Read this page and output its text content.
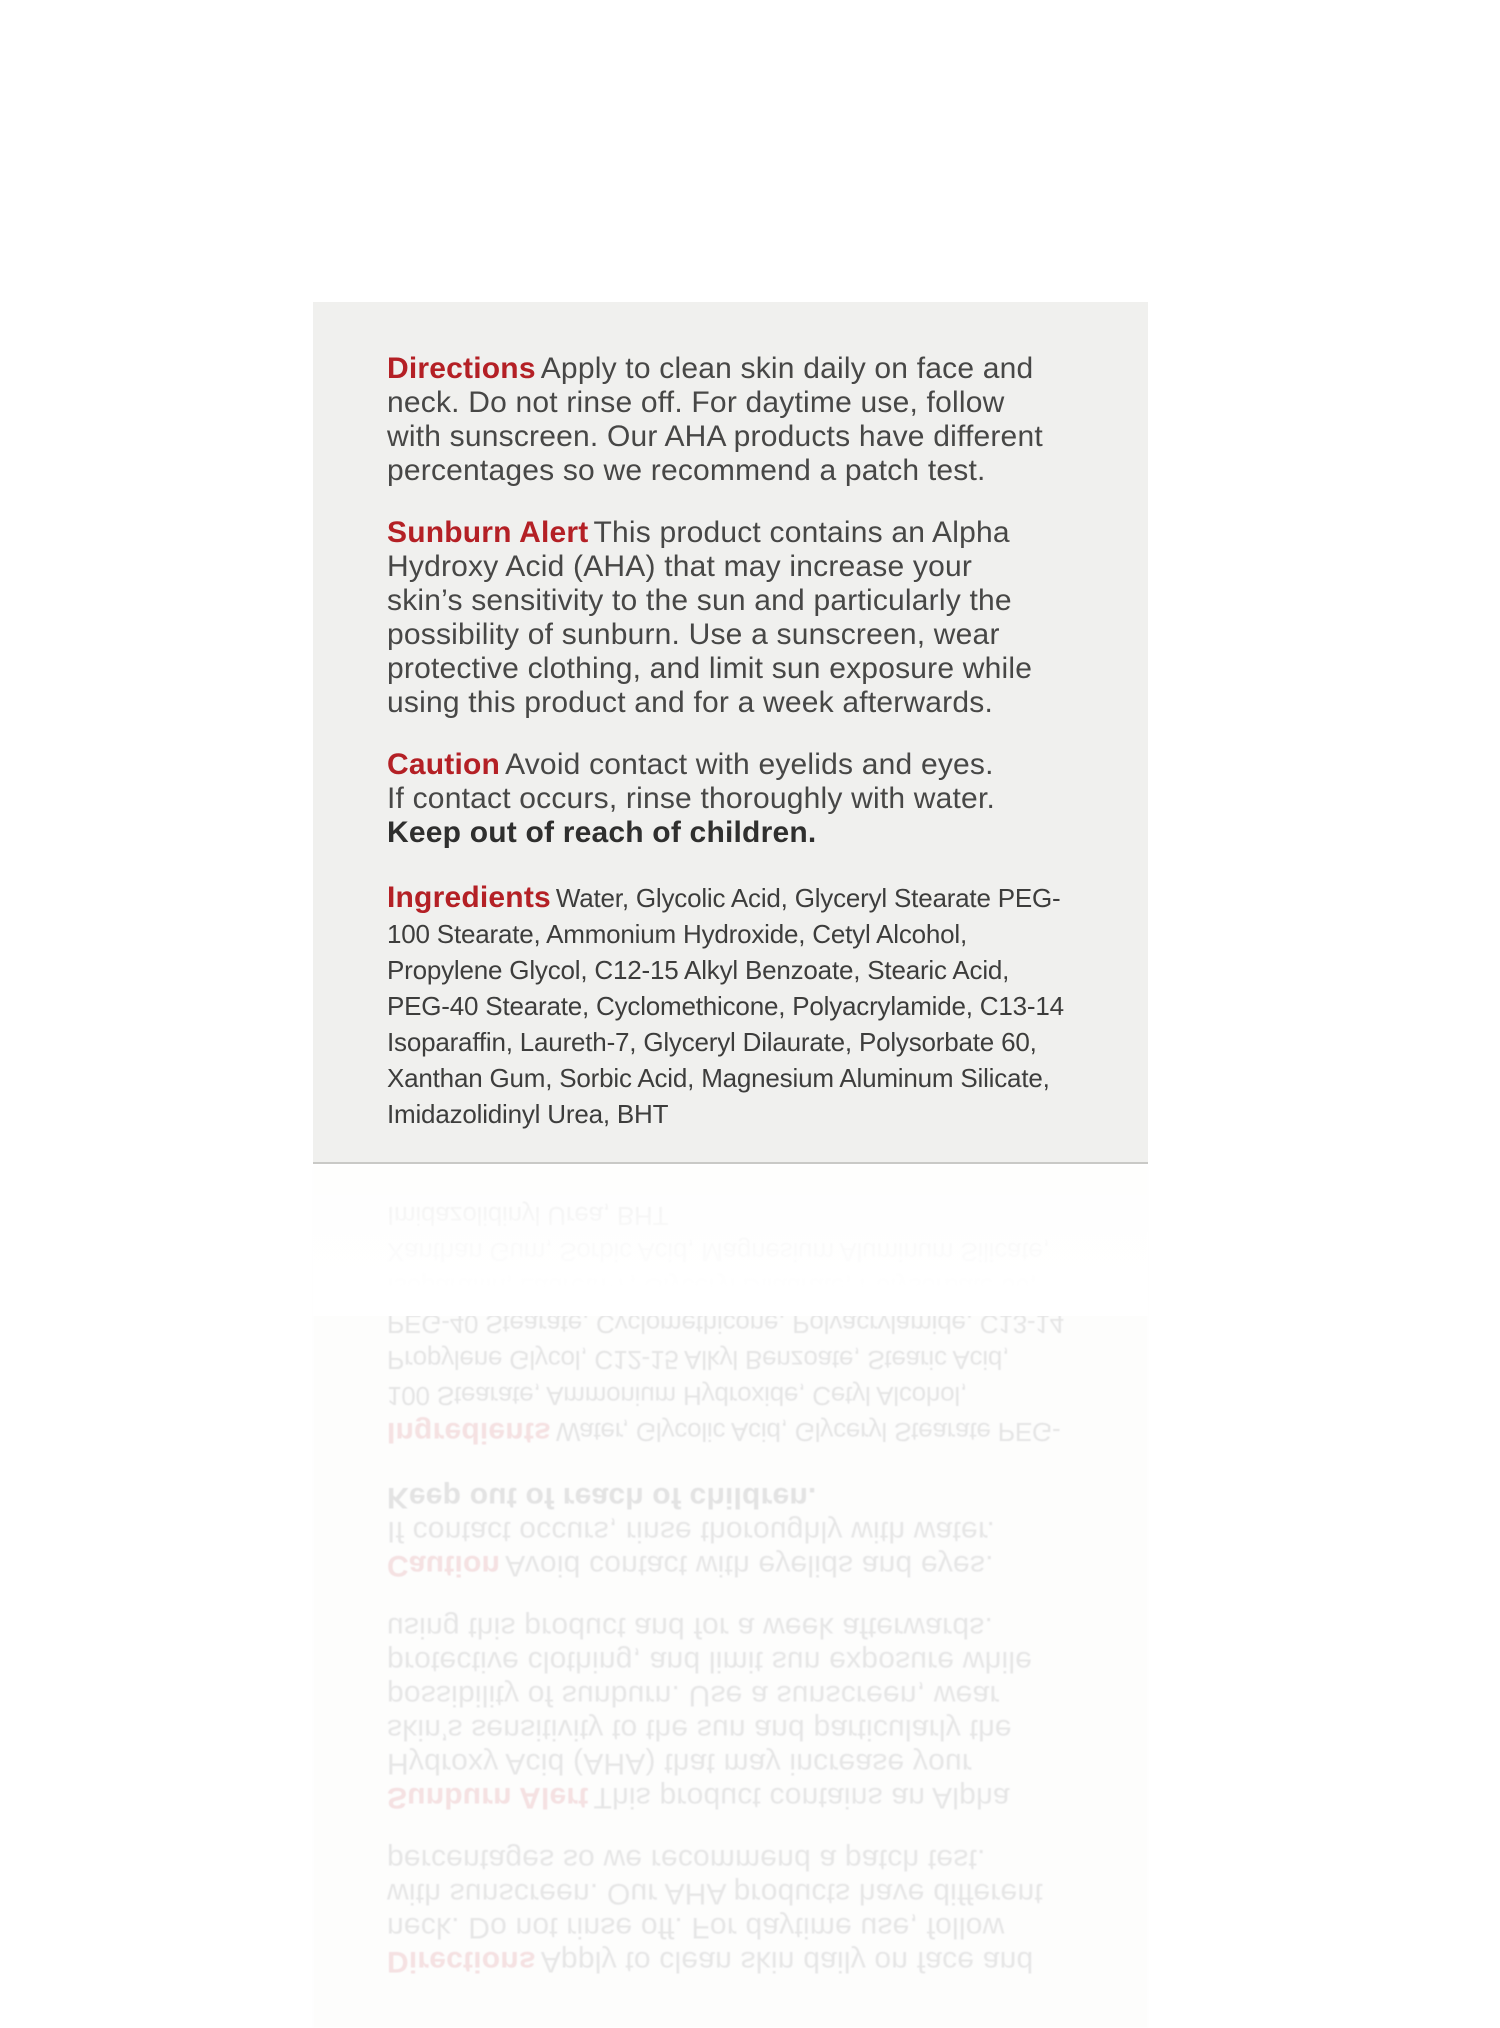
Directions Apply to clean skin daily on face and
neck. Do not rinse off. For daytime use, follow
with sunscreen. Our AHA products have different
percentages so we recommend a patch test.
Sunburn Alert This product contains an Alpha
Hydroxy Acid (AHA) that may increase your
skin’s sensitivity to the sun and particularly the
possibility of sunburn. Use a sunscreen, wear
protective clothing, and limit sun exposure while
using this product and for a week afterwards.
Caution Avoid contact with eyelids and eyes.
If contact occurs, rinse thoroughly with water.
Keep out of reach of children.
Ingredients Water, Glycolic Acid, Glyceryl Stearate PEG-
100 Stearate, Ammonium Hydroxide, Cetyl Alcohol,
Propylene Glycol, C12-15 Alkyl Benzoate, Stearic Acid,
PEG-40 Stearate, Cyclomethicone, Polyacrylamide, C13-14
Isoparaffin, Laureth-7, Glyceryl Dilaurate, Polysorbate 60,
Xanthan Gum, Sorbic Acid, Magnesium Aluminum Silicate,
Imidazolidinyl Urea, BHT
Directions Apply to clean skin daily on face and
neck. Do not rinse off. For daytime use, follow
with sunscreen. Our AHA products have different
percentages so we recommend a patch test.
Sunburn Alert This product contains an Alpha
Hydroxy Acid (AHA) that may increase your
skin’s sensitivity to the sun and particularly the
possibility of sunburn. Use a sunscreen, wear
protective clothing, and limit sun exposure while
using this product and for a week afterwards.
Caution Avoid contact with eyelids and eyes.
If contact occurs, rinse thoroughly with water.
Keep out of reach of children.
Ingredients Water, Glycolic Acid, Glyceryl Stearate PEG-
100 Stearate, Ammonium Hydroxide, Cetyl Alcohol,
Propylene Glycol, C12-15 Alkyl Benzoate, Stearic Acid,
PEG-40 Stearate, Cyclomethicone, Polyacrylamide, C13-14
Isoparaffin, Laureth-7, Glyceryl Dilaurate, Polysorbate 60,
Xanthan Gum, Sorbic Acid, Magnesium Aluminum Silicate,
Imidazolidinyl Urea, BHT
